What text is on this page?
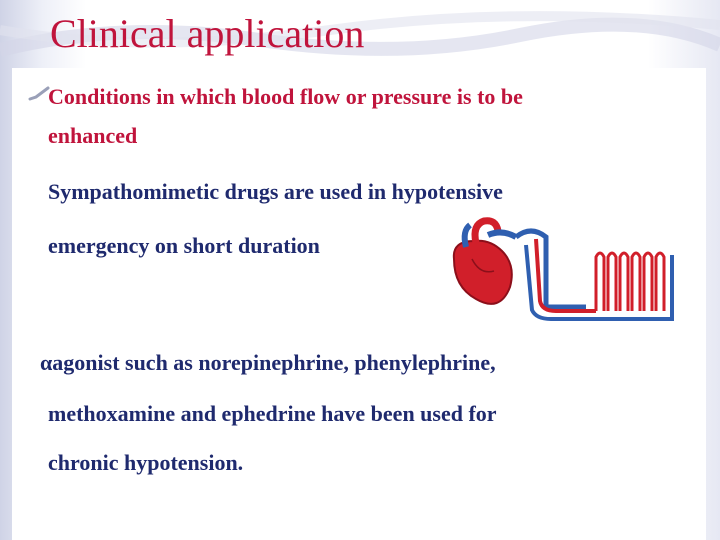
Clinical application
Conditions in which blood flow or pressure is to be
enhanced
Sympathomimetic drugs are used in hypotensive
emergency on short duration
αagonist such as norepinephrine, phenylephrine,
methoxamine and ephedrine have been used for
chronic hypotension.
